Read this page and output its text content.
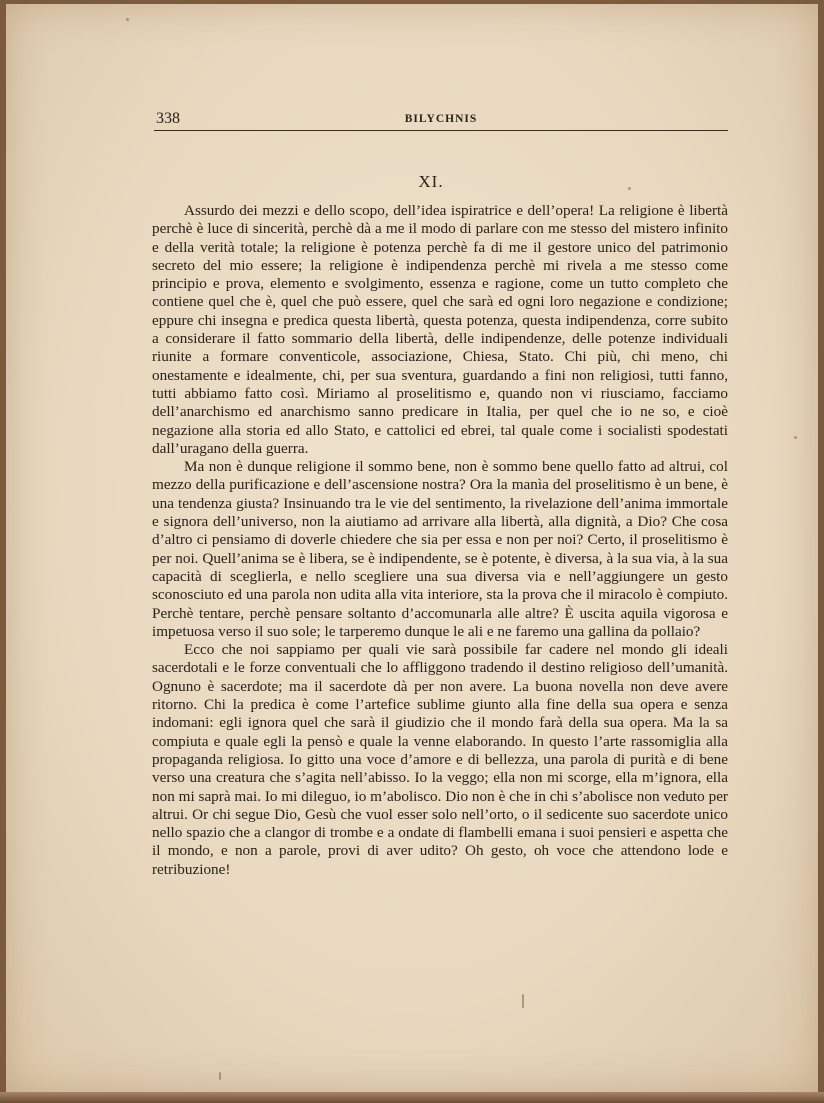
338	BILYCHNIS
XI.

Assurdo dei mezzi e dello scopo, dell’idea ispiratrice e dell’opera! La religione è libertà perchè è luce di sincerità, perchè dà a me il modo di parlare con me stesso del mistero infinito e della verità totale; la religione è potenza perchè fa di me il gestore unico del patrimonio secreto del mio essere; la religione è indipendenza perchè mi rivela a me stesso come principio e prova, elemento e svolgimento, essenza e ragione, come un tutto completo che contiene quel che è, quel che può essere, quel che sarà ed ogni loro negazione e condizione; eppure chi insegna e predica questa libertà, questa potenza, questa indipendenza, corre subito a considerare il fatto sommario della libertà, delle indipendenze, delle potenze individuali riunite a formare conventicole, associazione, Chiesa, Stato. Chi più, chi meno, chi onestamente e idealmente, chi, per sua sventura, guardando a fini non religiosi, tutti fanno, tutti abbiamo fatto così. Miriamo al proselitismo e, quando non vi riusciamo, facciamo dell’anarchismo ed anarchismo sanno predicare in Italia, per quel che io ne so, e cioè negazione alla storia ed allo Stato, e cattolici ed ebrei, tal quale come i socialisti spodestati dall’uragano della guerra.

Ma non è dunque religione il sommo bene, non è sommo bene quello fatto ad altrui, col mezzo della purificazione e dell’ascensione nostra? Ora la manìa del proselitismo è un bene, è una tendenza giusta? Insinuando tra le vie del sentimento, la rivelazione dell’anima immortale e signora dell’universo, non la aiutiamo ad arrivare alla libertà, alla dignità, a Dio? Che cosa d’altro ci pensiamo di doverle chiedere che sia per essa e non per noi? Certo, il proselitismo è per noi. Quell’anima se è libera, se è indipendente, se è potente, è diversa, à la sua via, à la sua capacità di sceglierla, e nello scegliere una sua diversa via e nell’aggiungere un gesto sconosciuto ed una parola non udita alla vita interiore, sta la prova che il miracolo è compiuto. Perchè tentare, perchè pensare soltanto d’accomunarla alle altre? È uscita aquila vigorosa e impetuosa verso il suo sole; le tarperemo dunque le ali e ne faremo una gallina da pollaio?

Ecco che noi sappiamo per quali vie sarà possibile far cadere nel mondo gli ideali sacerdotali e le forze conventuali che lo affliggono tradendo il destino religioso dell’umanità. Ognuno è sacerdote; ma il sacerdote dà per non avere. La buona novella non deve avere ritorno. Chi la predica è come l’artefice sublime giunto alla fine della sua opera e senza indomani: egli ignora quel che sarà il giudizio che il mondo farà della sua opera. Ma la sa compiuta e quale egli la pensò e quale la venne elaborando. In questo l’arte rassomiglia alla propaganda religiosa. Io gitto una voce d’amore e di bellezza, una parola di purità e di bene verso una creatura che s’agita nell’abisso. Io la veggo; ella non mi scorge, ella m’ignora, ella non mi saprà mai. Io mi dileguo, io m’abolisco. Dio non è che in chi s’abolisce non veduto per altrui. Or chi segue Dio, Gesù che vuol esser solo nell’orto, o il sedicente suo sacerdote unico nello spazio che a clangor di trombe e a ondate di flambelli emana i suoi pensieri e aspetta che il mondo, e non a parole, provi di aver udito? Oh gesto, oh voce che attendono lode e retribuzione!
